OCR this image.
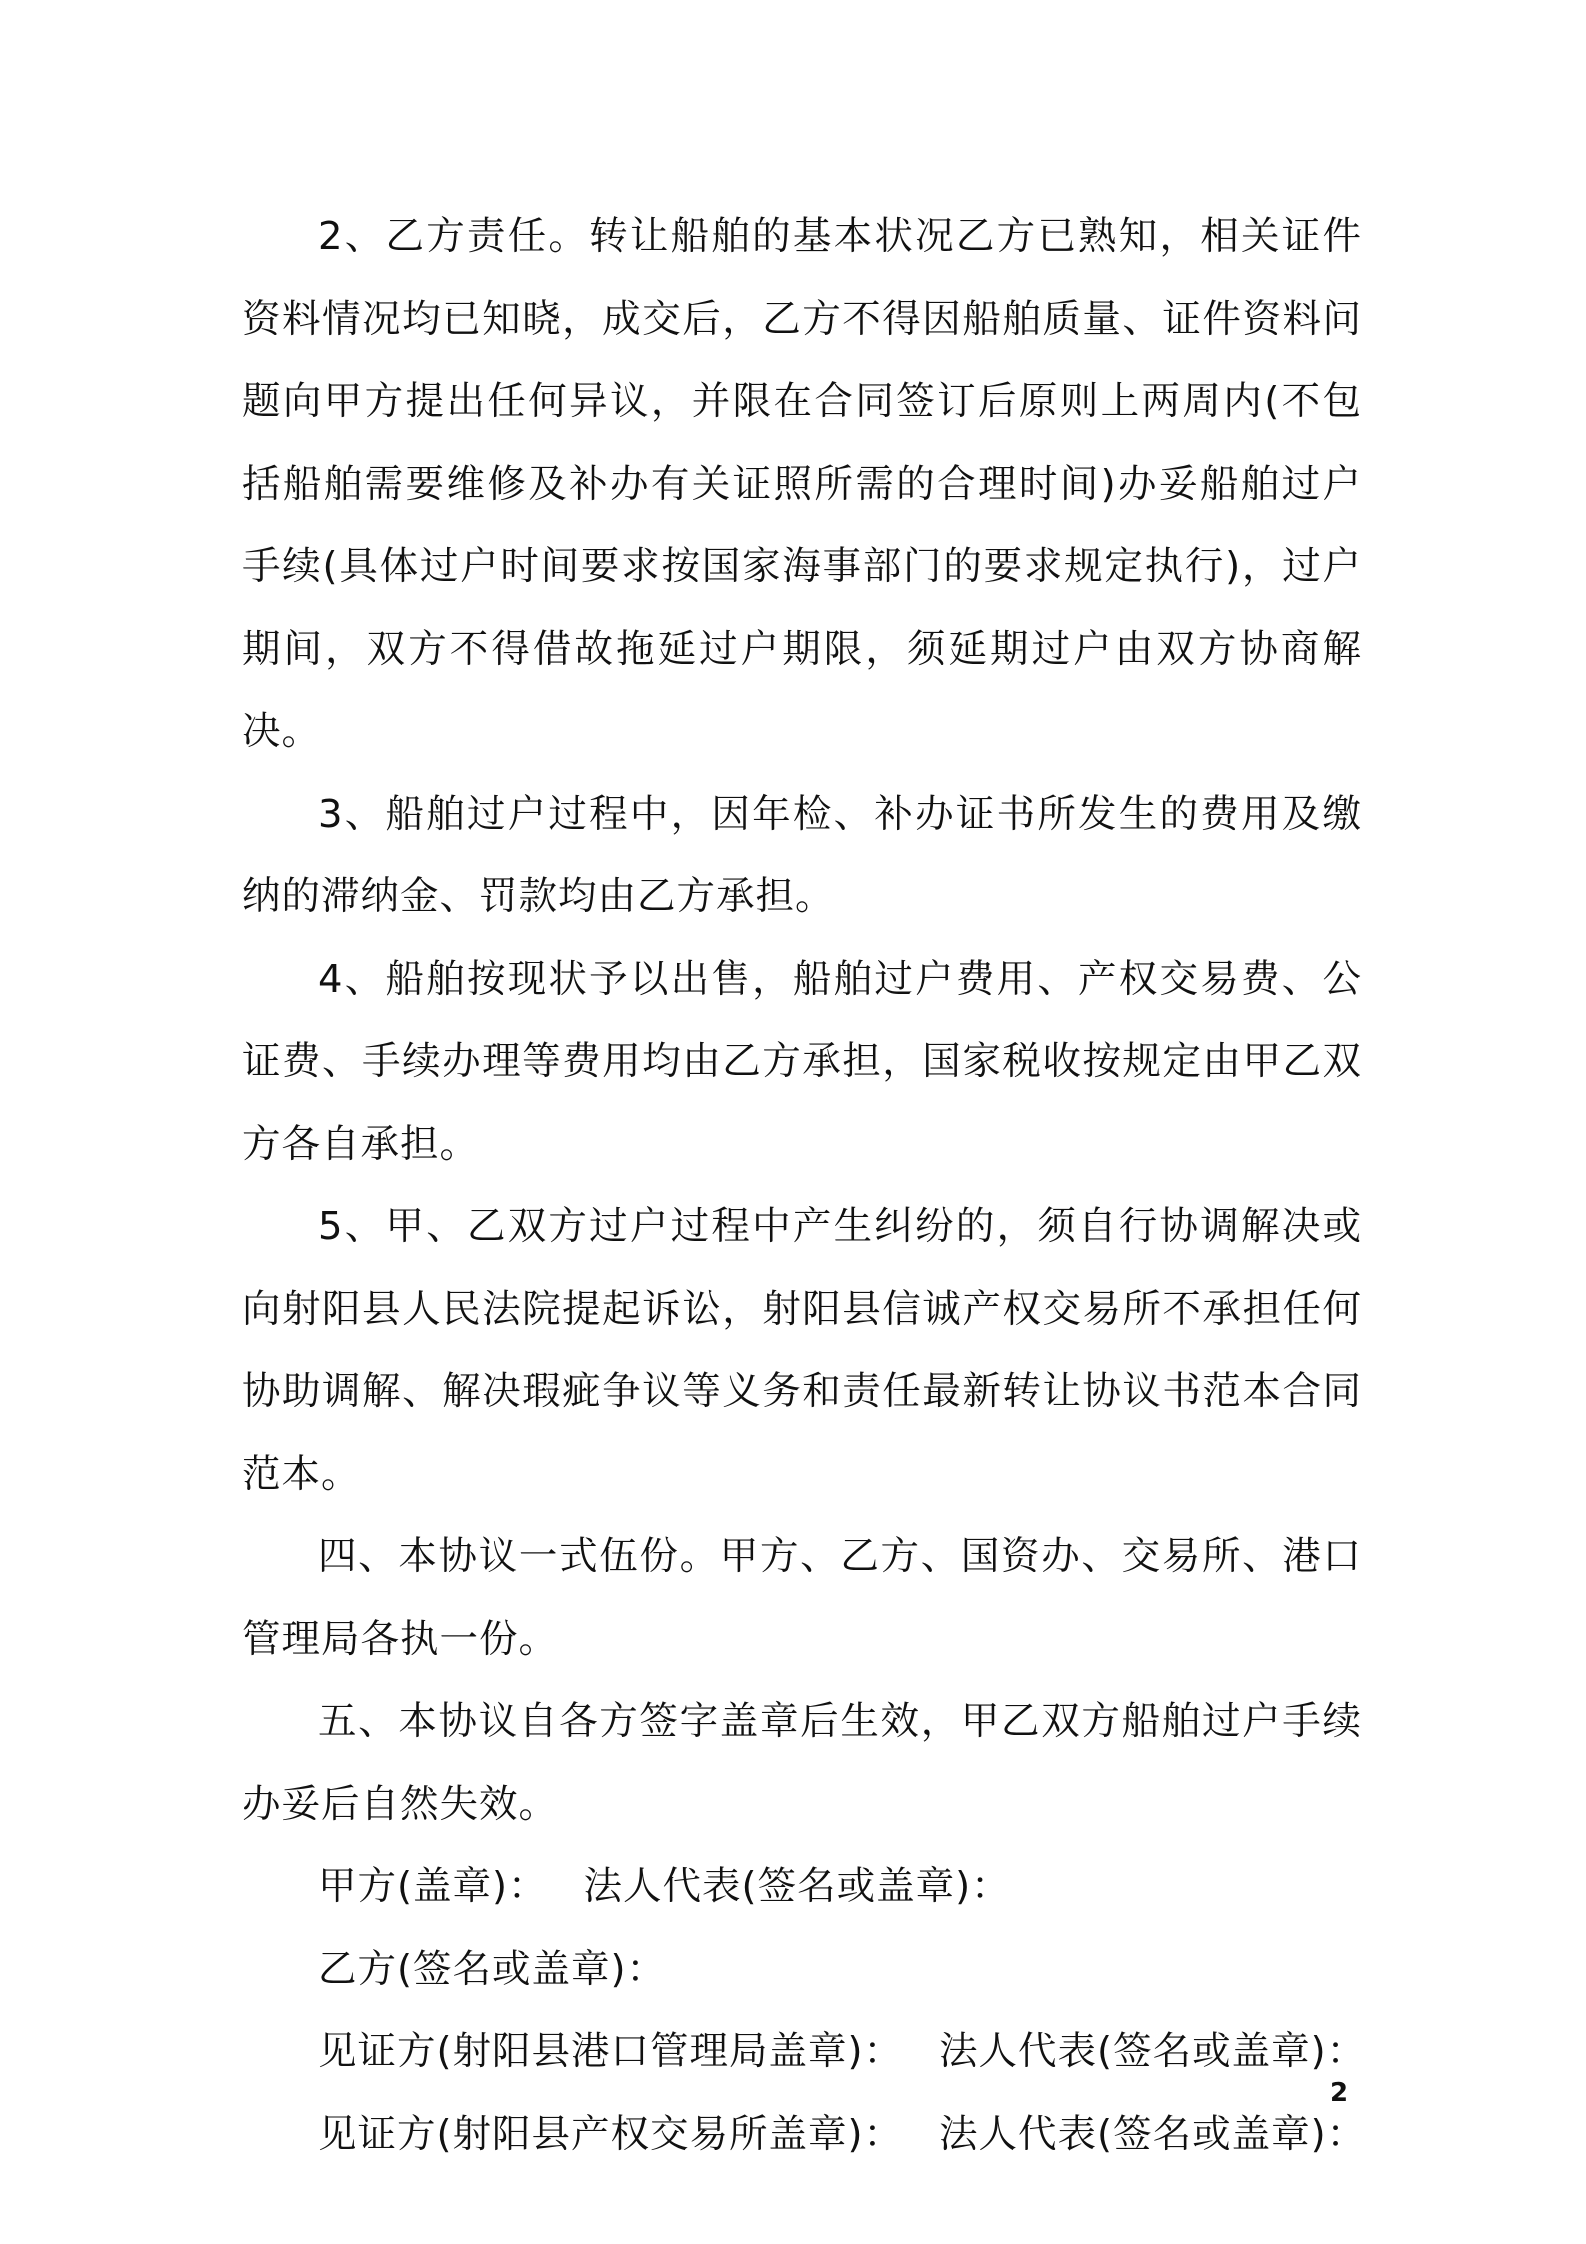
2、乙方责任。转让船舶的基本状况乙方已熟知，相关证件资料情况均已知晓，成交后，乙方不得因船舶质量、证件资料问题向甲方提出任何异议，并限在合同签订后原则上两周内(不包括船舶需要维修及补办有关证照所需的合理时间)办妥船舶过户手续(具体过户时间要求按国家海事部门的要求规定执行)，过户期间，双方不得借故拖延过户期限，须延期过户由双方协商解决。

3、船舶过户过程中，因年检、补办证书所发生的费用及缴纳的滞纳金、罚款均由乙方承担。

4、船舶按现状予以出售，船舶过户费用、产权交易费、公证费、手续办理等费用均由乙方承担，国家税收按规定由甲乙双方各自承担。

5、甲、乙双方过户过程中产生纠纷的，须自行协调解决或向射阳县人民法院提起诉讼，射阳县信诚产权交易所不承担任何协助调解、解决瑕疵争议等义务和责任最新转让协议书范本合同范本。

四、本协议一式伍份。甲方、乙方、国资办、交易所、港口管理局各执一份。

五、本协议自各方签字盖章后生效，甲乙双方船舶过户手续办妥后自然失效。

甲方(盖章)： 法人代表(签名或盖章)：

乙方(签名或盖章)：

见证方(射阳县港口管理局盖章)： 法人代表(签名或盖章)：

见证方(射阳县产权交易所盖章)： 法人代表(签名或盖章)：

2
